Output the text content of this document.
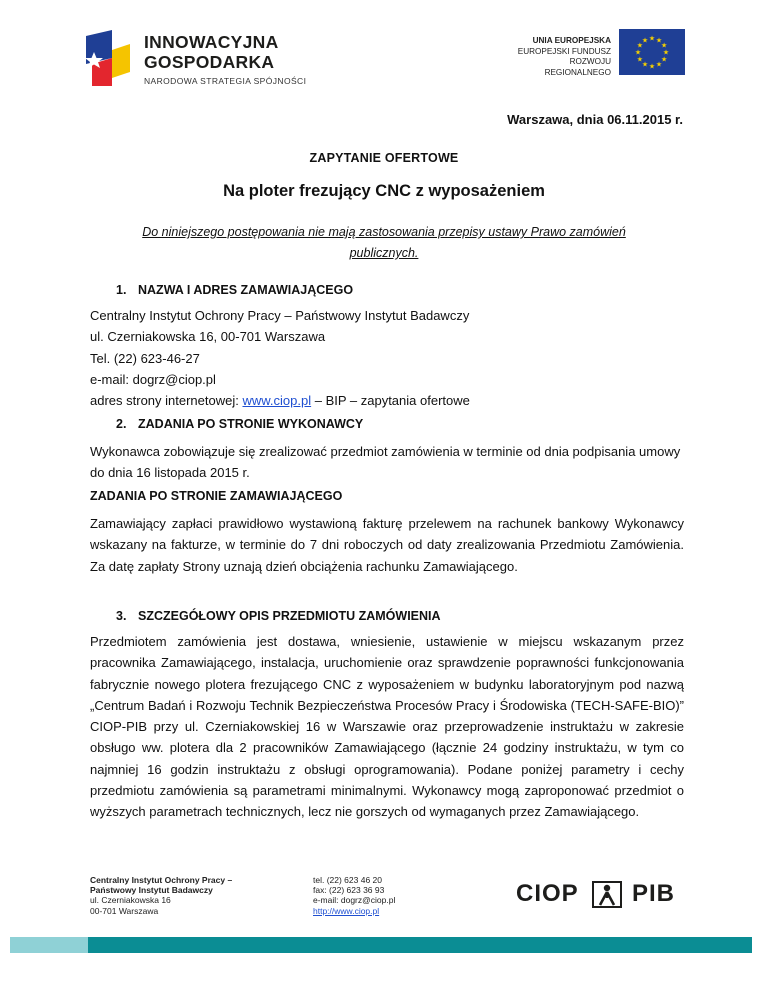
INNOWACYJNA
GOSPODARKA
NARODOWA STRATEGIA SPÓJNOŚCI
UNIA EUROPEJSKA
EUROPEJSKI FUNDUSZ
ROZWOJU REGIONALNEGO
★
★
★
★
★
★
★
★
★ ★ ★
★
Warszawa, dnia 06.11.2015 r.
ZAPYTANIE OFERTOWE
Na ploter frezujący CNC z wyposażeniem
Do niniejszego postępowania nie mają zastosowania przepisy ustawy Prawo zamówień publicznych.
1. NAZWA I ADRES ZAMAWIAJĄCEGO
Centralny Instytut Ochrony Pracy – Państwowy Instytut Badawczy
ul. Czerniakowska 16, 00-701 Warszawa
Tel. (22) 623-46-27
e-mail: dogrz@ciop.pl
adres strony internetowej: www.ciop.pl – BIP – zapytania ofertowe
2. ZADANIA PO STRONIE WYKONAWCY
Wykonawca zobowiązuje się zrealizować przedmiot zamówienia w terminie od dnia podpisania umowy do dnia 16 listopada 2015 r.
ZADANIA PO STRONIE ZAMAWIAJĄCEGO
Zamawiający zapłaci prawidłowo wystawioną fakturę przelewem na rachunek bankowy Wykonawcy wskazany na fakturze, w terminie do 7 dni roboczych od daty zrealizowania Przedmiotu Zamówienia. Za datę zapłaty Strony uznają dzień obciążenia rachunku Zamawiającego.
3. SZCZEGÓŁOWY OPIS PRZEDMIOTU ZAMÓWIENIA
Przedmiotem zamówienia jest dostawa, wniesienie, ustawienie w miejscu wskazanym przez pracownika Zamawiającego, instalacja, uruchomienie oraz sprawdzenie poprawności funkcjonowania fabrycznie nowego plotera frezującego CNC z wyposażeniem w budynku laboratoryjnym pod nazwą „Centrum Badań i Rozwoju Technik Bezpieczeństwa Procesów Pracy i Środowiska (TECH-SAFE-BIO)” CIOP-PIB przy ul. Czerniakowskiej 16 w Warszawie oraz przeprowadzenie instruktażu w zakresie obsługo ww. plotera dla 2 pracowników Zamawiającego (łącznie 24 godziny instruktażu, w tym co najmniej 16 godzin instruktażu z obsługi oprogramowania). Podane poniżej parametry i cechy przedmiotu zamówienia są parametrami minimalnymi. Wykonawcy mogą zaproponować przedmiot o wyższych parametrach technicznych, lecz nie gorszych od wymaganych przez Zamawiającego.
Centralny Instytut Ochrony Pracy –
Państwowy Instytut Badawczy
ul. Czerniakowska 16
00-701 Warszawa
tel. (22) 623 46 20
fax: (22) 623 36 93
e-mail: dogrz@ciop.pl
http://www.ciop.pl
CIOP PIB
